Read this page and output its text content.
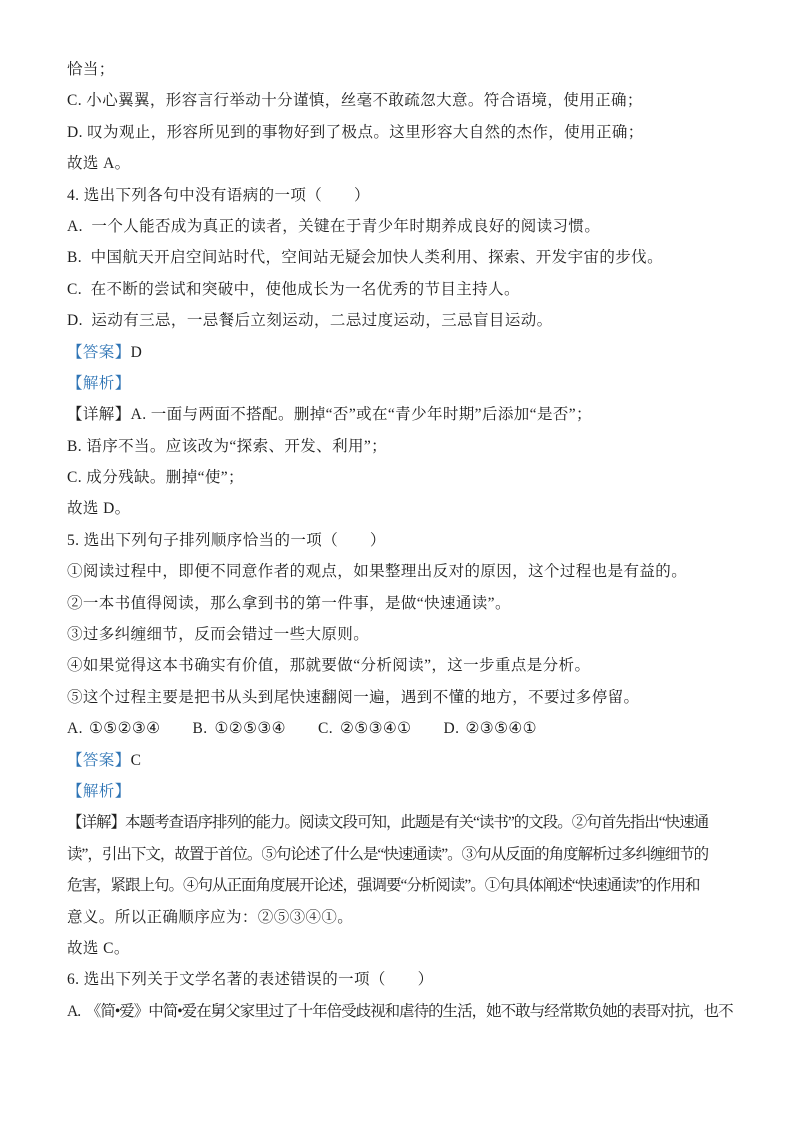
恰当；
C. 小心翼翼，形容言行举动十分谨慎，丝毫不敢疏忽大意。符合语境，使用正确；
D. 叹为观止，形容所见到的事物好到了极点。这里形容大自然的杰作，使用正确；
故选 A。
4. 选出下列各句中没有语病的一项（　　）
A.  一个人能否成为真正的读者，关键在于青少年时期养成良好的阅读习惯。
B.  中国航天开启空间站时代，空间站无疑会加快人类利用、探索、开发宇宙的步伐。
C.  在不断的尝试和突破中，使他成长为一名优秀的节目主持人。
D.  运动有三忌，一忌餐后立刻运动，二忌过度运动，三忌盲目运动。
【答案】D
【解析】
【详解】A. 一面与两面不搭配。删掉“否”或在“青少年时期”后添加“是否”；
B. 语序不当。应该改为“探索、开发、利用”；
C. 成分残缺。删掉“使”；
故选 D。
5. 选出下列句子排列顺序恰当的一项（　　）
①阅读过程中，即便不同意作者的观点，如果整理出反对的原因，这个过程也是有益的。
②一本书值得阅读，那么拿到书的第一件事，是做“快速通读”。
③过多纠缠细节，反而会错过一些大原则。
④如果觉得这本书确实有价值，那就要做“分析阅读”，这一步重点是分析。
⑤这个过程主要是把书从头到尾快速翻阅一遍，遇到不懂的地方，不要过多停留。
A. ①⑤②③④ B. ①②⑤③④ C. ②⑤③④① D. ②③⑤④①
【答案】C
【解析】
【详解】本题考查语序排列的能力。阅读文段可知，此题是有关“读书”的文段。②句首先指出“快速通
读”，引出下文，故置于首位。⑤句论述了什么是“快速通读”。③句从反面的角度解析过多纠缠细节的
危害，紧跟上句。④句从正面角度展开论述，强调要“分析阅读”。①句具体阐述“快速通读”的作用和
意义。所以正确顺序应为：②⑤③④①。
故选 C。
6. 选出下列关于文学名著的表述错误的一项（　　）
A.  《简•爱》中简•爱在舅父家里过了十年倍受歧视和虐待的生活，她不敢与经常欺负她的表哥对抗，也不
